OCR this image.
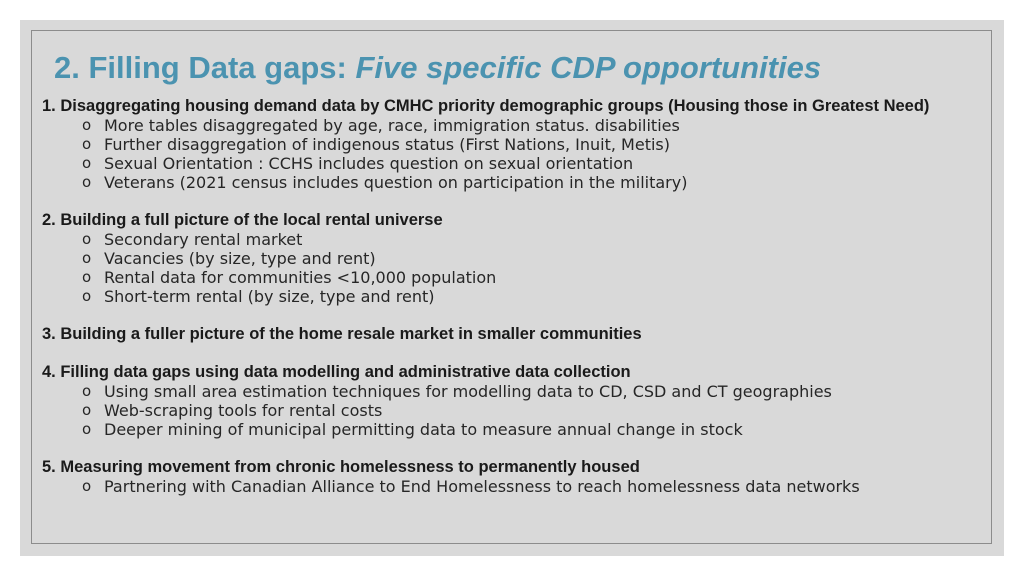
2. Filling Data gaps: Five specific CDP opportunities
1. Disaggregating housing demand data by CMHC priority demographic groups (Housing those in Greatest Need)
o More tables disaggregated by age, race, immigration status. disabilities
o Further disaggregation of indigenous status (First Nations, Inuit, Metis)
o Sexual Orientation : CCHS includes question on sexual orientation
o Veterans (2021 census includes question on participation in the military)
2. Building a full picture of the local rental universe
o Secondary rental market
o Vacancies (by size, type and rent)
o Rental data for communities <10,000 population
o Short-term rental (by size, type and rent)
3. Building a fuller picture of the home resale market in smaller communities
4. Filling data gaps using data modelling and administrative data collection
o Using small area estimation techniques for modelling data to CD, CSD and CT geographies
o Web-scraping tools for rental costs
o Deeper mining of municipal permitting data to measure annual change in stock
5. Measuring movement from chronic homelessness to permanently housed
o Partnering with Canadian Alliance to End Homelessness to reach homelessness data networks
